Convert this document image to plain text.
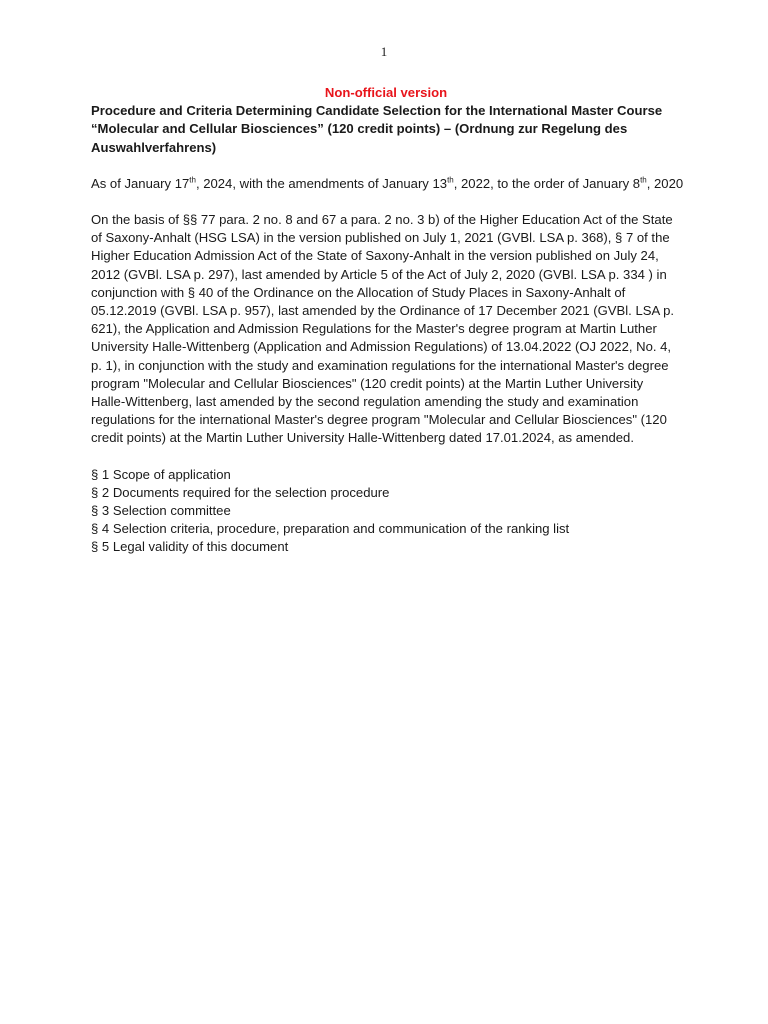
1

Non-official version

Procedure and Criteria Determining Candidate Selection for the International Master Course “Molecular and Cellular Biosciences” (120 credit points) – (Ordnung zur Regelung des Auswahlverfahrens)

As of January 17th, 2024, with the amendments of January 13th, 2022, to the order of January 8th, 2020

On the basis of §§ 77 para. 2 no. 8 and 67 a para. 2 no. 3 b) of the Higher Education Act of the State of Saxony-Anhalt (HSG LSA) in the version published on July 1, 2021 (GVBl. LSA p. 368), § 7 of the Higher Education Admission Act of the State of Saxony-Anhalt in the version published on July 24, 2012 (GVBl. LSA p. 297), last amended by Article 5 of the Act of July 2, 2020 (GVBl. LSA p. 334 ) in conjunction with § 40 of the Ordinance on the Allocation of Study Places in Saxony-Anhalt of 05.12.2019 (GVBl. LSA p. 957), last amended by the Ordinance of 17 December 2021 (GVBl. LSA p. 621), the Application and Admission Regulations for the Master's degree program at Martin Luther University Halle-Wittenberg (Application and Admission Regulations) of 13.04.2022 (OJ 2022, No. 4, p. 1), in conjunction with the study and examination regulations for the international Master's degree program "Molecular and Cellular Biosciences" (120 credit points) at the Martin Luther University Halle-Wittenberg, last amended by the second regulation amending the study and examination regulations for the international Master's degree program "Molecular and Cellular Biosciences" (120 credit points) at the Martin Luther University Halle-Wittenberg dated 17.01.2024, as amended.

§ 1 Scope of application
§ 2 Documents required for the selection procedure
§ 3 Selection committee
§ 4 Selection criteria, procedure, preparation and communication of the ranking list
§ 5 Legal validity of this document
